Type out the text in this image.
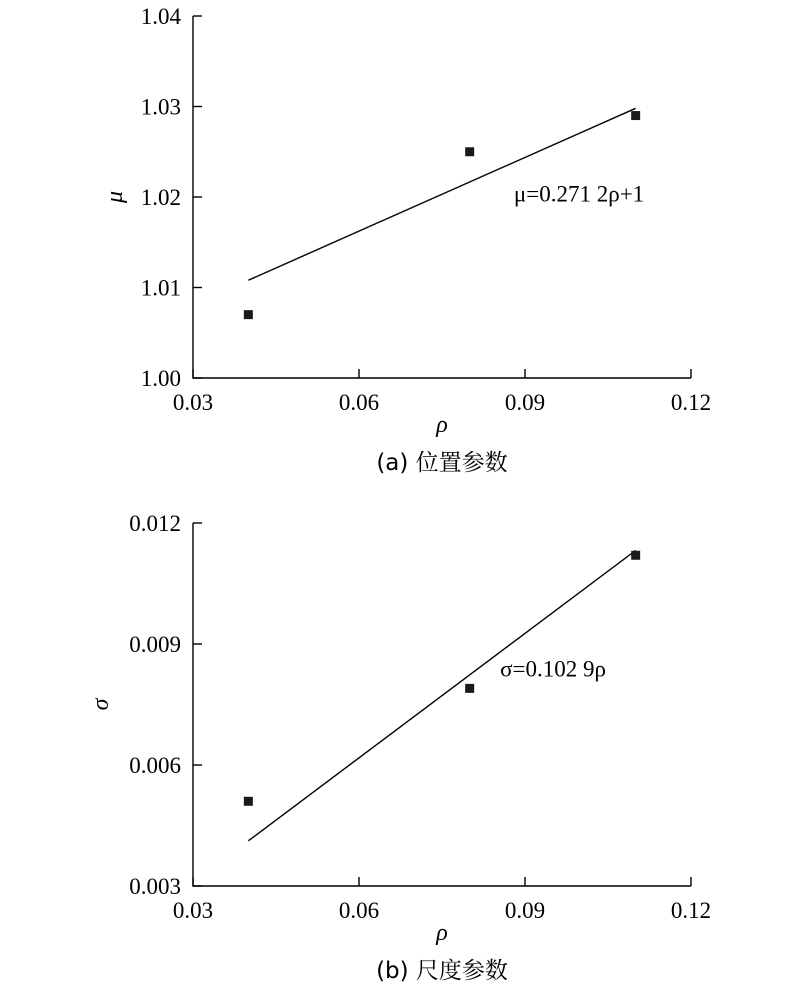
0.03	0.06	0.09	0.12
1.00
1.01
1.02
1.03
1.04
μ=0.271 2ρ+1
ρ
μ
(a) 位置参数
0.03	0.06	0.09	0.12
0.003
0.006
0.009
0.012
σ=0.102 9ρ
ρ
σ
(b) 尺度参数
